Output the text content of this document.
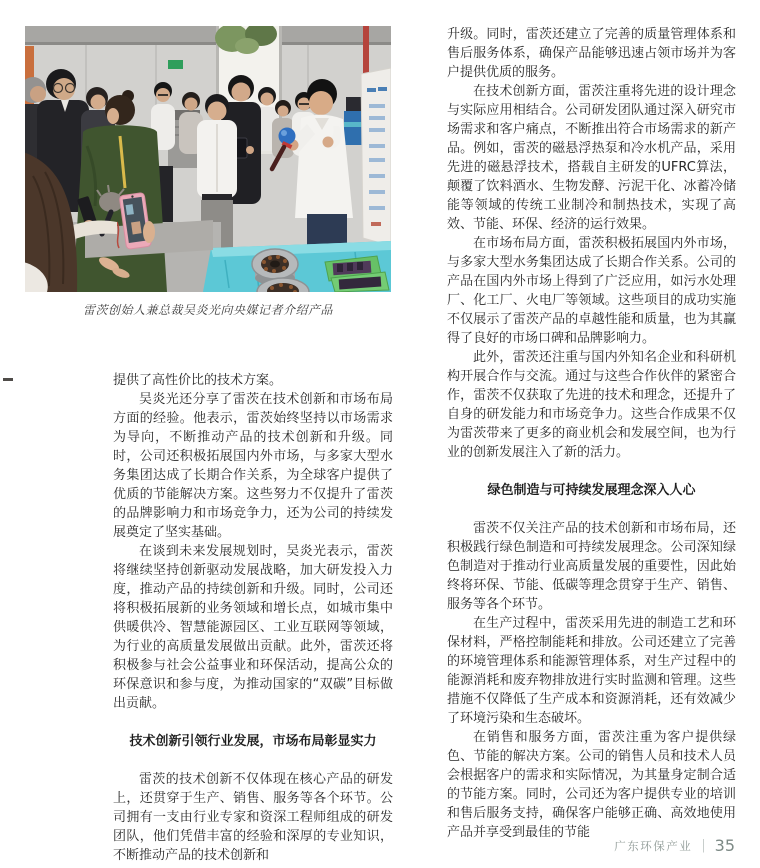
雷茨创始人兼总裁吴炎光向央媒记者介绍产品

提供了高性价比的技术方案。

吴炎光还分享了雷茨在技术创新和市场布局方面的经验。他表示，雷茨始终坚持以市场需求为导向，不断推动产品的技术创新和升级。同时，公司还积极拓展国内外市场，与多家大型水务集团达成了长期合作关系，为全球客户提供了优质的节能解决方案。这些努力不仅提升了雷茨的品牌影响力和市场竞争力，还为公司的持续发展奠定了坚实基础。

在谈到未来发展规划时，吴炎光表示，雷茨将继续坚持创新驱动发展战略，加大研发投入力度，推动产品的持续创新和升级。同时，公司还将积极拓展新的业务领域和增长点，如城市集中供暖供冷、智慧能源园区、工业互联网等领域，为行业的高质量发展做出贡献。此外，雷茨还将积极参与社会公益事业和环保活动，提高公众的环保意识和参与度，为推动国家的“双碳”目标做出贡献。

技术创新引领行业发展，市场布局彰显实力

雷茨的技术创新不仅体现在核心产品的研发上，还贯穿于生产、销售、服务等各个环节。公司拥有一支由行业专家和资深工程师组成的研发团队，他们凭借丰富的经验和深厚的专业知识，不断推动产品的技术创新和

升级。同时，雷茨还建立了完善的质量管理体系和售后服务体系，确保产品能够迅速占领市场并为客户提供优质的服务。

在技术创新方面，雷茨注重将先进的设计理念与实际应用相结合。公司研发团队通过深入研究市场需求和客户痛点，不断推出符合市场需求的新产品。例如，雷茨的磁悬浮热泵和冷水机产品，采用先进的磁悬浮技术，搭载自主研发的UFRC算法，颠覆了饮料酒水、生物发酵、污泥干化、冰蓄冷储能等领域的传统工业制冷和制热技术，实现了高效、节能、环保、经济的运行效果。

在市场布局方面，雷茨积极拓展国内外市场，与多家大型水务集团达成了长期合作关系。公司的产品在国内外市场上得到了广泛应用，如污水处理厂、化工厂、火电厂等领域。这些项目的成功实施不仅展示了雷茨产品的卓越性能和质量，也为其赢得了良好的市场口碑和品牌影响力。

此外，雷茨还注重与国内外知名企业和科研机构开展合作与交流。通过与这些合作伙伴的紧密合作，雷茨不仅获取了先进的技术和理念，还提升了自身的研发能力和市场竞争力。这些合作成果不仅为雷茨带来了更多的商业机会和发展空间，也为行业的创新发展注入了新的活力。

绿色制造与可持续发展理念深入人心

雷茨不仅关注产品的技术创新和市场布局，还积极践行绿色制造和可持续发展理念。公司深知绿色制造对于推动行业高质量发展的重要性，因此始终将环保、节能、低碳等理念贯穿于生产、销售、服务等各个环节。

在生产过程中，雷茨采用先进的制造工艺和环保材料，严格控制能耗和排放。公司还建立了完善的环境管理体系和能源管理体系，对生产过程中的能源消耗和废弃物排放进行实时监测和管理。这些措施不仅降低了生产成本和资源消耗，还有效减少了环境污染和生态破坏。

在销售和服务方面，雷茨注重为客户提供绿色、节能的解决方案。公司的销售人员和技术人员会根据客户的需求和实际情况，为其量身定制合适的节能方案。同时，公司还为客户提供专业的培训和售后服务支持，确保客户能够正确、高效地使用产品并享受到最佳的节能

广东环保产业 | 35
